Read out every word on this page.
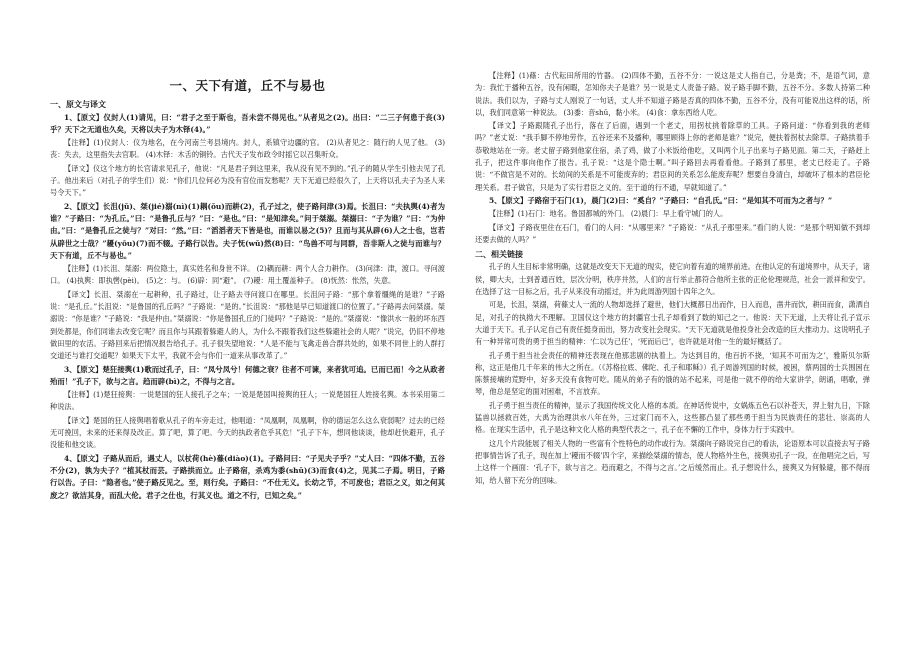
一、天下有道，丘不与易也
一、原文与译文

1、【原文】仪封人(1)请见，曰：“君子之至于斯也，吾未尝不得见也。”从者见之(2)。出曰：“二三子何患于丧(3)乎？天下之无道也久矣，天将以夫子为木铎(4)。”

【注释】(1)仪封人：仪为地名，在今河南兰考县境内。封人，系镇守边疆的官。 (2)从者见之：随行的人见了他。 (3)丧：失去，这里指失去官职。 (4)木铎：木舌的铜铃。古代天子发布政令时摇它以召集听众。

【译文】仪这个地方的长官请求见孔子，他说：“凡是君子到这里来，我从没有见不到的。”孔子的随从学生引他去见了孔子。他出来后（对孔子的学生们）说：“你们几位何必为没有官位而发愁呢？天下无道已经很久了，上天将以孔夫子为圣人来号令天下。”

2、【原文】长沮(jǔ)、桀(jié)溺(nì)(1)耦(ǒu)而耕(2)，孔子过之，使子路问津(3)焉。长沮曰：“夫执舆(4)者为谁？”子路曰：“为孔丘。”曰：“是鲁孔丘与？”曰：“是也。”曰：“是知津矣。”问于桀溺。桀溺曰：“子为谁？”曰：“为仲由。”曰：“是鲁孔丘之徒与？”对曰：“然。”曰：“滔滔者天下皆是也，而谁以易之(5)？且而与其从辟(6)人之士也，岂若从辟世之士哉？”耰(yōu)(7)而不辍。子路行以告。夫子怃(wǔ)然(8)曰：“鸟兽不可与同群，吾非斯人之徒与而谁与？天下有道，丘不与易也。”

【注释】(1)长沮、桀溺：两位隐士，真实姓名和身世不详。 (2)耦而耕：两个人合力耕作。 (3)问津：津，渡口。寻问渡口。 (4)执舆：即执辔(pèi)。 (5)之：与。 (6)辟：同“避”。 (7)耰：用土覆盖种子。 (8)怃然：怅然，失意。

【译文】长沮、桀溺在一起耕种，孔子路过，让子路去寻问渡口在哪里。长沮问子路：“那个拿着缰绳的是谁？”子路说：“是孔丘。”长沮说：“是鲁国的孔丘吗？”子路说：“是的。”长沮说：“那他是早已知道渡口的位置了。”子路再去问桀溺。桀溺说：“你是谁？”子路说：“我是仲由。”桀溺说：“你是鲁国孔丘的门徒吗？”子路说：“是的。”桀溺说：“像洪水一般的坏东西到处都是，你们同谁去改变它呢？而且你与其跟着躲避人的人，为什么不跟着我们这些躲避社会的人呢？”说完，仍旧不停地做田里的农活。子路回来后把情况报告给孔子。孔子很失望地说：“人是不能与飞禽走兽合群共处的，如果不同世上的人群打交道还与谁打交道呢？如果天下太平，我就不会与你们一道来从事改革了。”

3、【原文】楚狂接舆(1)歌而过孔子，曰：“凤兮凤兮！何德之衰？往者不可谏，来者犹可追。已而已而！今之从政者殆而！”孔子下，欲与之言。趋而辟(bì)之，不得与之言。

【注释】(1)楚狂接舆：一说楚国的狂人接孔子之车；一说是楚国叫接舆的狂人；一说楚国狂人姓接名舆。本书采用第二种说法。

【译文】楚国的狂人接舆唱着歌从孔子的车旁走过，他唱道：“凤凰啊，凤凰啊，你的德运怎么这么衰弱呢？过去的已经无可挽回，未来的还来得及改正。算了吧，算了吧。今天的执政者危乎其危！”孔子下车，想同他谈谈，他却赶快避开，孔子没能和他交谈。

4、【原文】子路从而后，遇丈人，以杖荷(hè)蓧(diào)(1)。子路问曰：“子见夫子乎？”丈人曰：“四体不勤，五谷不分(2)，孰为夫子？”植其杖而芸。子路拱而立。止子路宿，杀鸡为黍(shǔ)(3)而食(4)之，见其二子焉。明日，子路行以告。子曰：“隐者也。”使子路反见之。至，则行矣。子路曰：“不仕无义。长幼之节，不可废也；君臣之义，如之何其废之？欲洁其身，而乱大伦。君子之仕也，行其义也。道之不行，已知之矣。”

【注释】(1)蓧：古代耘田所用的竹器。 (2)四体不勤，五谷不分：一说这是丈人指自己，分是粪；不，是语气词，意为：我忙于播种五谷，没有闲暇，怎知你夫子是谁？另一说是丈人责备子路。说子路手脚不勤，五谷不分。多数人持第二种说法。我们以为，子路与丈人刚说了一句话，丈人并不知道子路是否真的四体不勤，五谷不分，没有可能说出这样的话，所以，我们同意第一种说法。 (3)黍：音shǔ，黏小米。 (4)食：拿东西给人吃。

【译文】子路跟随孔子出行，落在了后面，遇到一个老丈，用拐杖挑着除草的工具。子路问道：“你看到我的老师吗？”老丈说：“我手脚不停地劳作，五谷还来不及播种，哪里顾得上你的老师是谁？”说完，便扶着拐杖去除草。子路拱着手恭敬地站在一旁。老丈留子路到他家住宿，杀了鸡，做了小米饭给他吃，又叫两个儿子出来与子路见面。第二天，子路赶上孔子，把这件事向他作了报告。孔子说：“这是个隐士啊。”叫子路回去再看看他。子路到了那里，老丈已经走了。子路说：“不做官是不对的。长幼间的关系是不可能废弃的；君臣间的关系怎么能废弃呢？想要自身清白，却破坏了根本的君臣伦理关系。君子做官，只是为了实行君臣之义的。至于道的行不通，早就知道了。”

5、【原文】子路宿于石门(1)，晨门(2)曰：“奚自？”子路曰：“自孔氏。”曰：“是知其不可而为之者与？”

【注释】(1)石门：地名。鲁国都城的外门。 (2)晨门：早上看守城门的人。

【译文】子路夜里住在石门，看门的人问：“从哪里来？”子路说：“从孔子那里来。”看门的人说：“是那个明知做不到却还要去做的人吗？”

二、相关链接

孔子的人生目标非常明确，这就是改变天下无道的现实，使它向着有道的境界前进。在他认定的有道境界中，从天子，诸侯，卿大夫，士到普通百姓，层次分明，秩序井然，人们的言行举止都符合他所主张的正伦伦理规范，社会一派祥和安宁。在选择了这一目标之后，孔子从来没有动摇过，并为此周游列国十四年之久。

可是，长沮，桀溺，荷蓧丈人一流的人物却选择了避世，他们大概都日出而作，日入而息，凿井而饮，耕田而食，潇洒自足，对孔子的执拗大不理解。卫国仪这个地方的封疆官士孔子却看到了数的知己之一。他说：天下无道，上天将让孔子宣示大道于天下。孔子认定自己有责任挺身而出，努力改变社会现实。“天下无道就是他投身社会改造的巨大推动力。这说明孔子有一种异常可贵的勇于担当的精神：‘仁以为己任’，‘死而后已’，也许就是对他一生的最好概括了。

孔子勇于担当社会责任的精神还表现在他那悲剧的执着上。为达到目的，他百折不挠，‘知其不可而为之’，雅斯贝尔斯称，这正是他几千年来的伟大之所在。（《苏格拉底、佛陀、孔子和耶稣》）孔子周游列国的时候，被困，蔡两国的士兵围困在陈蔡接壤的荒野中，好多天没有食物可吃。随从的弟子有的饿的站不起来，可是他一就不停的给大家讲学，朗诵，唱歌，弹琴，他总是坚定的面对困难，不言放弃。

孔子勇于担当责任的精神，显示了我国传统文化人格的本质。在神话传说中，女娲炼五色石以补苍天，羿上射九日，下除猛兽以拯救百姓，大禹为治理洪水八年在外，三过家门而不入，这些都凸显了那些勇于担当为民族责任的悲壮、崇高的人格。在现实生活中，孔子是这种文化人格的典型代表之一，孔子在不懈的工作中，身体力行于实践中。

这几个片段能展了相关人物的一些富有个性特色的动作或行为。桀溺向子路说完自己的看法，论语原本可以直接去写子路把事情告诉了孔子，现在加上‘耰而不辍’四个字，来描绘桀溺的情态，使人物格外生色，接舆劝孔子一段，在他唱完之后，写上这样一个画面：‘孔子下，欲与言之。趋而避之，不得与之言。’之后缓然而止。孔子想说什么，接舆又为何躲避，都不得而知，给人留下充分的回味。
